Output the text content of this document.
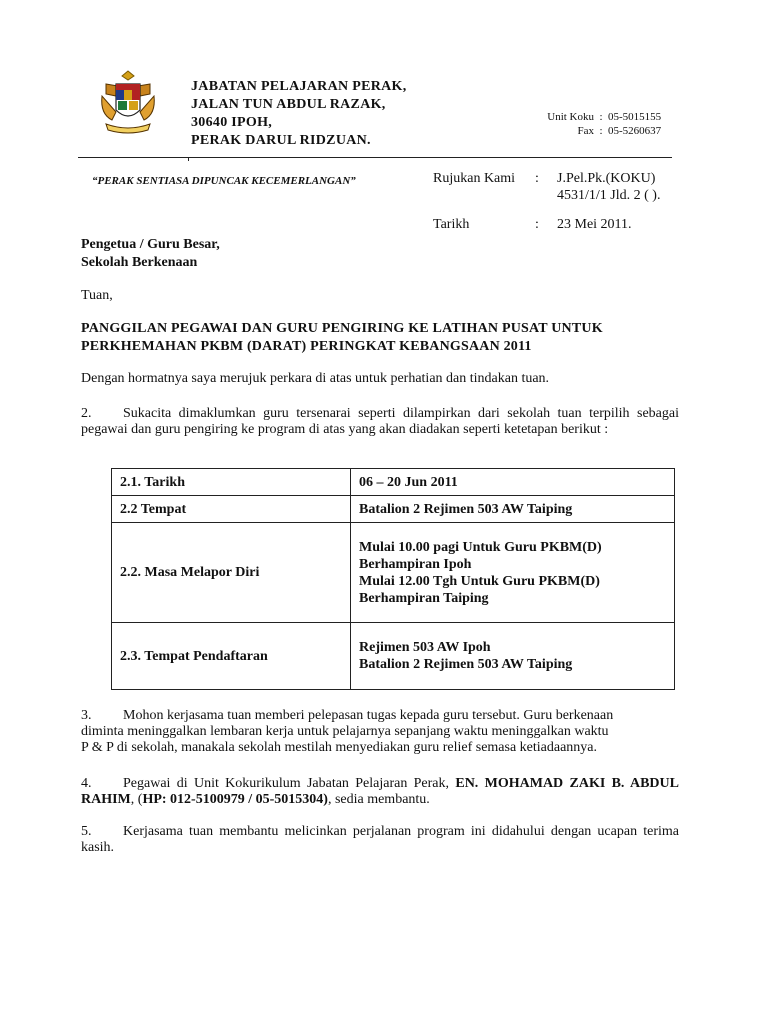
JABATAN PELAJARAN PERAK,
JALAN TUN ABDUL RAZAK,
30640 IPOH,
PERAK DARUL RIDZUAN.
Unit Koku : 05-5015155
Fax : 05-5260637
“PERAK SENTIASA DIPUNCAK KECEMERLANGAN”	Rujukan Kami	:	J.Pel.Pk.(KOKU)
4531/1/1 Jld. 2 ( ).
Tarikh	:	23 Mei 2011.
Pengetua / Guru Besar,
Sekolah Berkenaan
Tuan,
PANGGILAN PEGAWAI DAN GURU PENGIRING KE LATIHAN PUSAT UNTUK PERKHEMAHAN PKBM (DARAT) PERINGKAT KEBANGSAAN 2011
Dengan hormatnya saya merujuk perkara di atas untuk perhatian dan tindakan tuan.
2. Sukacita dimaklumkan guru tersenarai seperti dilampirkan dari sekolah tuan terpilih sebagai pegawai dan guru pengiring ke program di atas yang akan diadakan seperti ketetapan berikut :
2.1. Tarikh	06 – 20 Jun 2011

2.2 Tempat	Batalion 2 Rejimen 503 AW Taiping

2.2. Masa Melapor Diri	Mulai 10.00 pagi Untuk Guru PKBM(D)
Berhampiran Ipoh
Mulai 12.00 Tgh Untuk Guru PKBM(D)
Berhampiran Taiping

2.3. Tempat Pendaftaran	Rejimen 503 AW Ipoh
Batalion 2 Rejimen 503 AW Taiping
3. Mohon kerjasama tuan memberi pelepasan tugas kepada guru tersebut. Guru berkenaan
diminta meninggalkan lembaran kerja untuk pelajarnya sepanjang waktu meninggalkan waktu
P & P di sekolah, manakala sekolah mestilah menyediakan guru relief semasa ketiadaannya.
4. Pegawai di Unit Kokurikulum Jabatan Pelajaran Perak, EN. MOHAMAD ZAKI B. ABDUL RAHIM, (HP: 012-5100979 / 05-5015304), sedia membantu.
5. Kerjasama tuan membantu melicinkan perjalanan program ini didahului dengan ucapan terima kasih.
